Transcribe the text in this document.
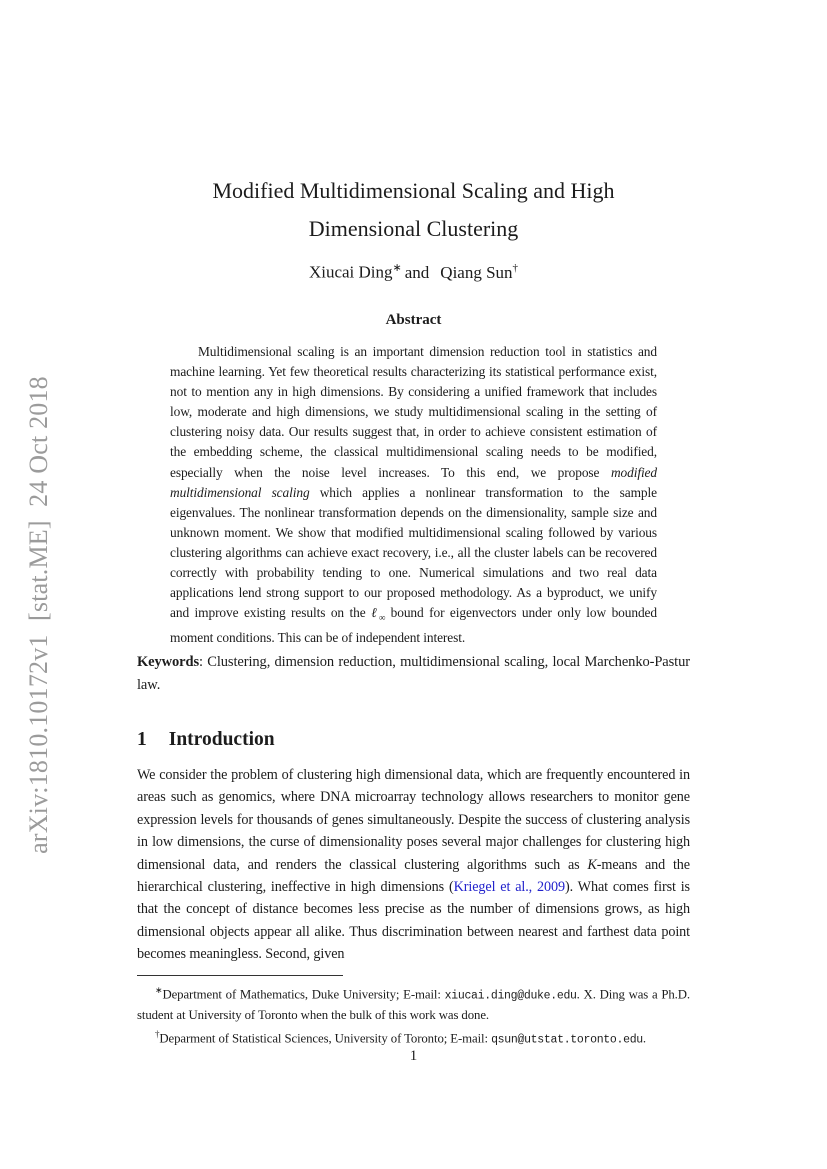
arXiv:1810.10172v1  [stat.ME]  24 Oct 2018
Modified Multidimensional Scaling and High
Dimensional Clustering
Xiucai Ding∗ and Qiang Sun†
Abstract

Multidimensional scaling is an important dimension reduction tool in statistics and machine learning. Yet few theoretical results characterizing its statistical performance exist, not to mention any in high dimensions. By considering a unified framework that includes low, moderate and high dimensions, we study multidimensional scaling in the setting of clustering noisy data. Our results suggest that, in order to achieve consistent estimation of the embedding scheme, the classical multidimensional scaling needs to be modified, especially when the noise level increases. To this end, we propose modified multidimensional scaling which applies a nonlinear transformation to the sample eigenvalues. The nonlinear transformation depends on the dimensionality, sample size and unknown moment. We show that modified multidimensional scaling followed by various clustering algorithms can achieve exact recovery, i.e., all the cluster labels can be recovered correctly with probability tending to one. Numerical simulations and two real data applications lend strong support to our proposed methodology. As a byproduct, we unify and improve existing results on the ℓ$_\infty$ bound for eigenvectors under only low bounded moment conditions. This can be of independent interest.

Keywords: Clustering, dimension reduction, multidimensional scaling, local Marchenko-Pastur law.

1 Introduction

We consider the problem of clustering high dimensional data, which are frequently encountered in areas such as genomics, where DNA microarray technology allows researchers to monitor gene expression levels for thousands of genes simultaneously. Despite the success of clustering analysis in low dimensions, the curse of dimensionality poses several major challenges for clustering high dimensional data, and renders the classical clustering algorithms such as K-means and the hierarchical clustering, ineffective in high dimensions (Kriegel et al., 2009). What comes first is that the concept of distance becomes less precise as the number of dimensions grows, as high dimensional objects appear all alike. Thus discrimination between nearest and farthest data point becomes meaningless. Second, given

∗Department of Mathematics, Duke University; E-mail: xiucai.ding@duke.edu. X. Ding was a Ph.D. student at University of Toronto when the bulk of this work was done.

†Deparment of Statistical Sciences, University of Toronto; E-mail: qsun@utstat.toronto.edu.

1
